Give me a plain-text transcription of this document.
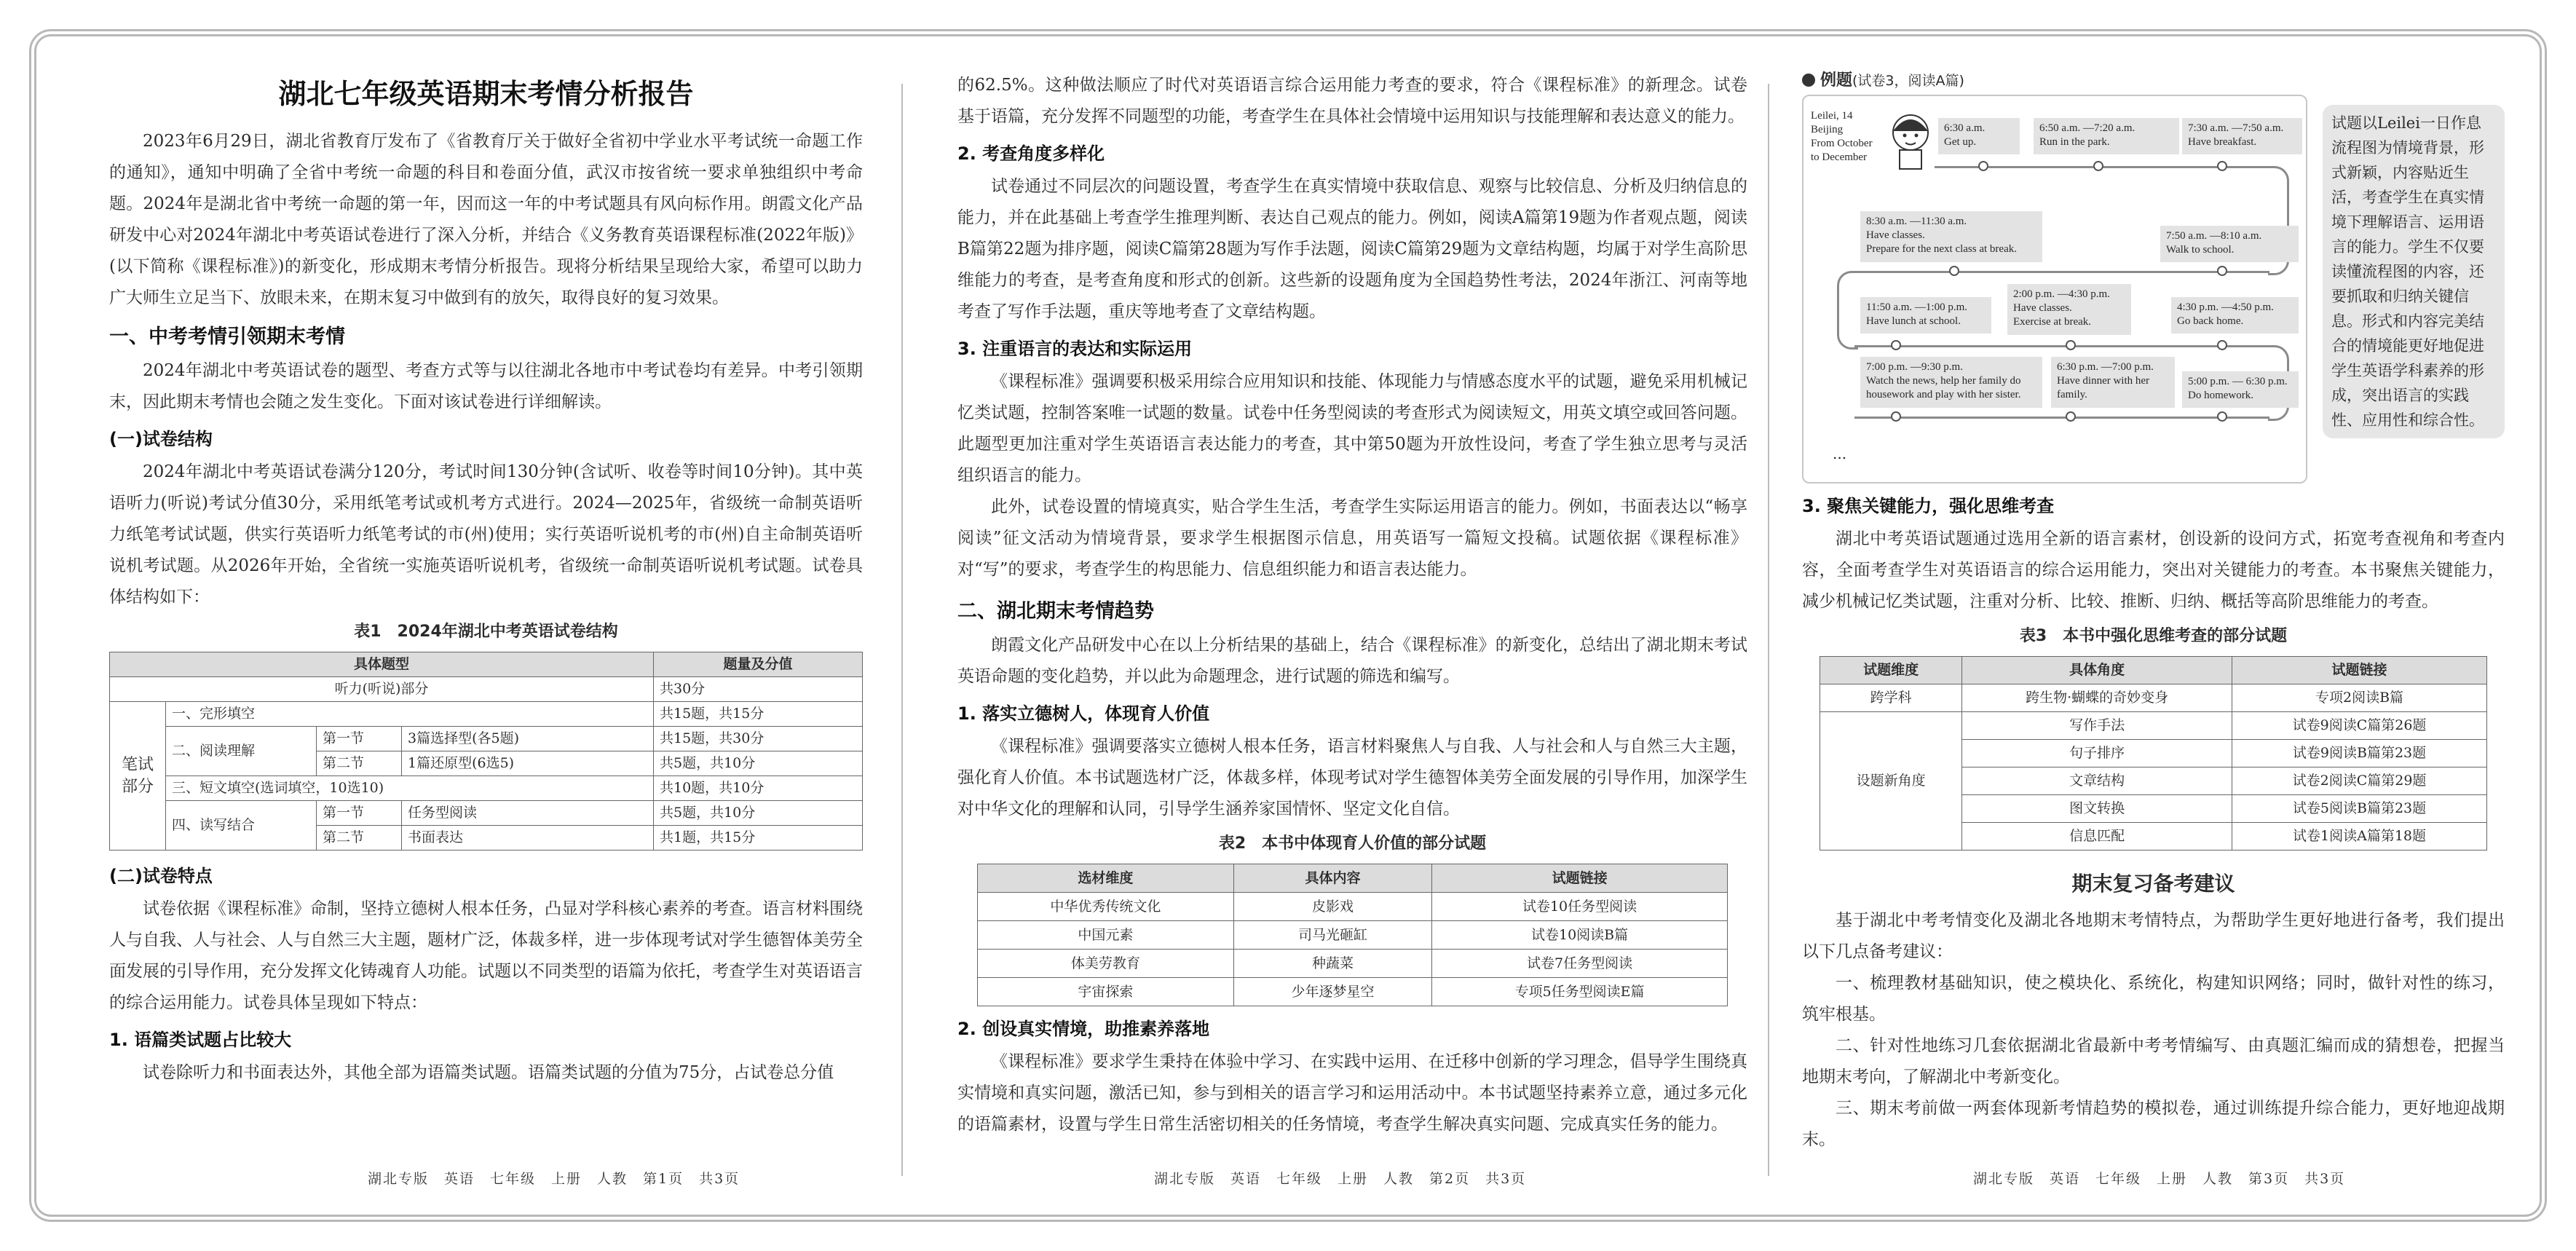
湖北七年级英语期末考情分析报告

2023年6月29日，湖北省教育厅发布了《省教育厅关于做好全省初中学业水平考试统一命题工作的通知》，通知中明确了全省中考统一命题的科目和卷面分值，武汉市按省统一要求单独组织中考命题。2024年是湖北省中考统一命题的第一年，因而这一年的中考试题具有风向标作用。朗霞文化产品研发中心对2024年湖北中考英语试卷进行了深入分析，并结合《义务教育英语课程标准(2022年版)》(以下简称《课程标准》)的新变化，形成期末考情分析报告。现将分析结果呈现给大家，希望可以助力广大师生立足当下、放眼未来，在期末复习中做到有的放矢，取得良好的复习效果。

一、中考考情引领期末考情

2024年湖北中考英语试卷的题型、考查方式等与以往湖北各地市中考试卷均有差异。中考引领期末，因此期末考情也会随之发生变化。下面对该试卷进行详细解读。

(一)试卷结构

2024年湖北中考英语试卷满分120分，考试时间130分钟(含试听、收卷等时间10分钟)。其中英语听力(听说)考试分值30分，采用纸笔考试或机考方式进行。2024—2025年，省级统一命制英语听力纸笔考试试题，供实行英语听力纸笔考试的市(州)使用；实行英语听说机考的市(州)自主命制英语听说机考试题。从2026年开始，全省统一实施英语听说机考，省级统一命制英语听说机考试题。试卷具体结构如下：

表1　2024年湖北中考英语试卷结构
具体题型				题量及分值
听力(听说)部分				共30分
笔试部分	一、完形填空			共15题，共15分
	二、阅读理解	第一节	3篇选择型(各5题)	共15题，共30分
		第二节	1篇还原型(6选5)	共5题，共10分
	三、短文填空(选词填空，10选10)			共10题，共10分
	四、读写结合	第一节	任务型阅读	共5题，共10分
		第二节	书面表达	共1题，共15分
(二)试卷特点

试卷依据《课程标准》命制，坚持立德树人根本任务，凸显对学科核心素养的考查。语言材料围绕人与自我、人与社会、人与自然三大主题，题材广泛，体裁多样，进一步体现考试对学生德智体美劳全面发展的引导作用，充分发挥文化铸魂育人功能。试题以不同类型的语篇为依托，考查学生对英语语言的综合运用能力。试卷具体呈现如下特点：

1. 语篇类试题占比较大

试卷除听力和书面表达外，其他全部为语篇类试题。语篇类试题的分值为75分，占试卷总分值

湖北专版　英语　七年级　上册　人教　第1页　共3页

的62.5%。这种做法顺应了时代对英语语言综合运用能力考查的要求，符合《课程标准》的新理念。试卷基于语篇，充分发挥不同题型的功能，考查学生在具体社会情境中运用知识与技能理解和表达意义的能力。

2. 考查角度多样化

试卷通过不同层次的问题设置，考查学生在真实情境中获取信息、观察与比较信息、分析及归纳信息的能力，并在此基础上考查学生推理判断、表达自己观点的能力。例如，阅读A篇第19题为作者观点题，阅读B篇第22题为排序题，阅读C篇第28题为写作手法题，阅读C篇第29题为文章结构题，均属于对学生高阶思维能力的考查，是考查角度和形式的创新。这些新的设题角度为全国趋势性考法，2024年浙江、河南等地考查了写作手法题，重庆等地考查了文章结构题。

3. 注重语言的表达和实际运用

《课程标准》强调要积极采用综合应用知识和技能、体现能力与情感态度水平的试题，避免采用机械记忆类试题，控制答案唯一试题的数量。试卷中任务型阅读的考查形式为阅读短文，用英文填空或回答问题。此题型更加注重对学生英语语言表达能力的考查，其中第50题为开放性设问，考查了学生独立思考与灵活组织语言的能力。

此外，试卷设置的情境真实，贴合学生生活，考查学生实际运用语言的能力。例如，书面表达以“畅享阅读”征文活动为情境背景，要求学生根据图示信息，用英语写一篇短文投稿。试题依据《课程标准》对“写”的要求，考查学生的构思能力、信息组织能力和语言表达能力。

二、湖北期末考情趋势

朗霞文化产品研发中心在以上分析结果的基础上，结合《课程标准》的新变化，总结出了湖北期末考试英语命题的变化趋势，并以此为命题理念，进行试题的筛选和编写。

1. 落实立德树人，体现育人价值

《课程标准》强调要落实立德树人根本任务，语言材料聚焦人与自我、人与社会和人与自然三大主题，强化育人价值。本书试题选材广泛，体裁多样，体现考试对学生德智体美劳全面发展的引导作用，加深学生对中华文化的理解和认同，引导学生涵养家国情怀、坚定文化自信。

表2　本书中体现育人价值的部分试题
选材维度	具体内容	试题链接
中华优秀传统文化	皮影戏	试卷10任务型阅读
中国元素	司马光砸缸	试卷10阅读B篇
体美劳教育	种蔬菜	试卷7任务型阅读
宇宙探索	少年逐梦星空	专项5任务型阅读E篇
2. 创设真实情境，助推素养落地

《课程标准》要求学生秉持在体验中学习、在实践中运用、在迁移中创新的学习理念，倡导学生围绕真实情境和真实问题，激活已知，参与到相关的语言学习和运用活动中。本书试题坚持素养立意，通过多元化的语篇素材，设置与学生日常生活密切相关的任务情境，考查学生解决真实问题、完成真实任务的能力。

湖北专版　英语　七年级　上册　人教　第2页　共3页
例题(试卷3，阅读A篇)
Leilei, 14
Beijing
From October
to December
6:30 a.m.
Get up.
6:50 a.m. —7:20 a.m.
Run in the park.
7:30 a.m. —7:50 a.m.
Have breakfast.
8:30 a.m. —11:30 a.m.
Have classes.
Prepare for the next class at break.
7:50 a.m. —8:10 a.m.
Walk to school.
11:50 a.m. —1:00 p.m.
Have lunch at school.
2:00 p.m. —4:30 p.m.
Have classes.
Exercise at break.
4:30 p.m. —4:50 p.m.
Go back home.
7:00 p.m. —9:30 p.m.
Watch the news, help her family do
housework and play with her sister.
6:30 p.m. —7:00 p.m.
Have dinner with her
family.
5:00 p.m. — 6:30 p.m.
Do homework.
...
试题以Leilei一日作息流程图为情境背景，形式新颖，内容贴近生活，考查学生在真实情境下理解语言、运用语言的能力。学生不仅要读懂流程图的内容，还要抓取和归纳关键信息。形式和内容完美结合的情境能更好地促进学生英语学科素养的形成，突出语言的实践性、应用性和综合性。
3. 聚焦关键能力，强化思维考查

湖北中考英语试题通过选用全新的语言素材，创设新的设问方式，拓宽考查视角和考查内容，全面考查学生对英语语言的综合运用能力，突出对关键能力的考查。本书聚焦关键能力，减少机械记忆类试题，注重对分析、比较、推断、归纳、概括等高阶思维能力的考查。

表3　本书中强化思维考查的部分试题
试题维度	具体角度	试题链接
跨学科	跨生物·蝴蝶的奇妙变身	专项2阅读B篇
设题新角度	写作手法	试卷9阅读C篇第26题
	句子排序	试卷9阅读B篇第23题
	文章结构	试卷2阅读C篇第29题
	图文转换	试卷5阅读B篇第23题
	信息匹配	试卷1阅读A篇第18题
期末复习备考建议

基于湖北中考考情变化及湖北各地期末考情特点，为帮助学生更好地进行备考，我们提出以下几点备考建议：

一、梳理教材基础知识，使之模块化、系统化，构建知识网络；同时，做针对性的练习，筑牢根基。

二、针对性地练习几套依据湖北省最新中考考情编写、由真题汇编而成的猜想卷，把握当地期末考向，了解湖北中考新变化。

三、期末考前做一两套体现新考情趋势的模拟卷，通过训练提升综合能力，更好地迎战期末。

湖北专版　英语　七年级　上册　人教　第3页　共3页
